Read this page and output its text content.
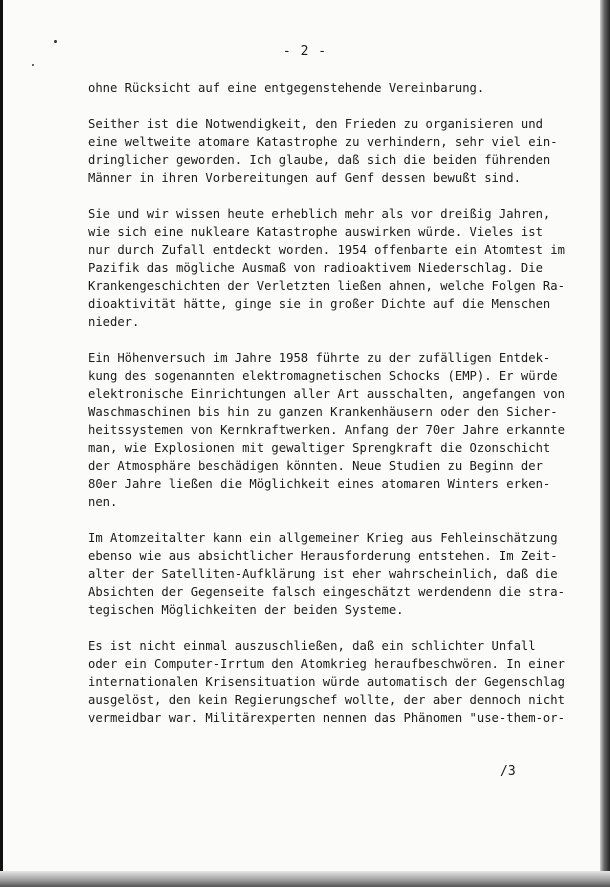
- 2 -
ohne Rücksicht auf eine entgegenstehende Vereinbarung.
Seither ist die Notwendigkeit, den Frieden zu organisieren und
eine weltweite atomare Katastrophe zu verhindern, sehr viel ein-
dringlicher geworden. Ich glaube, daß sich die beiden führenden
Männer in ihren Vorbereitungen auf Genf dessen bewußt sind.
Sie und wir wissen heute erheblich mehr als vor dreißig Jahren,
wie sich eine nukleare Katastrophe auswirken würde. Vieles ist
nur durch Zufall entdeckt worden. 1954 offenbarte ein Atomtest im
Pazifik das mögliche Ausmaß von radioaktivem Niederschlag. Die
Krankengeschichten der Verletzten ließen ahnen, welche Folgen Ra-
dioaktivität hätte, ginge sie in großer Dichte auf die Menschen
nieder.
Ein Höhenversuch im Jahre 1958 führte zu der zufälligen Entdek-
kung des sogenannten elektromagnetischen Schocks (EMP). Er würde
elektronische Einrichtungen aller Art ausschalten, angefangen von
Waschmaschinen bis hin zu ganzen Krankenhäusern oder den Sicher-
heitssystemen von Kernkraftwerken. Anfang der 70er Jahre erkannte
man, wie Explosionen mit gewaltiger Sprengkraft die Ozonschicht
der Atmosphäre beschädigen könnten. Neue Studien zu Beginn der
80er Jahre ließen die Möglichkeit eines atomaren Winters erken-
nen.
Im Atomzeitalter kann ein allgemeiner Krieg aus Fehleinschätzung
ebenso wie aus absichtlicher Herausforderung entstehen. Im Zeit-
alter der Satelliten-Aufklärung ist eher wahrscheinlich, daß die
Absichten der Gegenseite falsch eingeschätzt werdendenn die stra-
tegischen Möglichkeiten der beiden Systeme.
Es ist nicht einmal auszuschließen, daß ein schlichter Unfall
oder ein Computer-Irrtum den Atomkrieg heraufbeschwören. In einer
internationalen Krisensituation würde automatisch der Gegenschlag
ausgelöst, den kein Regierungschef wollte, der aber dennoch nicht
vermeidbar war. Militärexperten nennen das Phänomen "use-them-or-
/3
